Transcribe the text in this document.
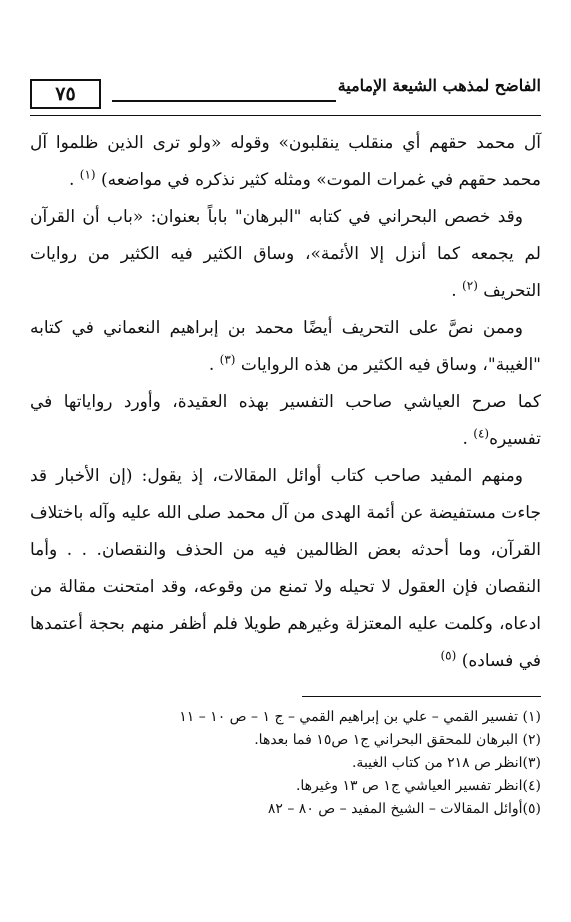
٧٥	الفاضح لمذهب الشيعة الإمامية

آل محمد حقهم أي منقلب ينقلبون» وقوله «ولو ترى الذين ظلموا آل محمد حقهم في غمرات الموت» ومثله كثير نذكره في مواضعه) $^{(١)}$ .

وقد خصص البحراني في كتابه "البرهان" باباً بعنوان: «باب أن القرآن لم يجمعه كما أنزل إلا الأئمة»، وساق الكثير فيه الكثير من روايات التحريف $^{(٢)}$ .

وممن نصَّ على التحريف أيضًا محمد بن إبراهيم النعماني في كتابه "الغيبة"، وساق فيه الكثير من هذه الروايات $^{(٣)}$ .

كما صرح العياشي صاحب التفسير بهذه العقيدة، وأورد رواياتها في تفسيره$^{(٤)}$ .

ومنهم المفيد صاحب كتاب أوائل المقالات، إذ يقول: (إن الأخبار قد جاءت مستفيضة عن أئمة الهدى من آل محمد صلى الله عليه وآله باختلاف القرآن، وما أحدثه بعض الظالمين فيه من الحذف والنقصان. . . وأما النقصان فإن العقول لا تحيله ولا تمنع من وقوعه، وقد امتحنت مقالة من ادعاه، وكلمت عليه المعتزلة وغيرهم طويلا فلم أظفر منهم بحجة أعتمدها في فساده) $^{(٥)}$

(١) تفسير القمي – علي بن إبراهيم القمي – ج ١ – ص ١٠ – ١١
(٢) البرهان للمحقق البحراني ج١ ص١٥ فما بعدها.
(٣)انظر ص ٢١٨ من كتاب الغيبة.
(٤)انظر تفسير العياشي ج١ ص ١٣ وغيرها.
(٥)أوائل المقالات – الشيخ المفيد – ص ٨٠ – ٨٢
